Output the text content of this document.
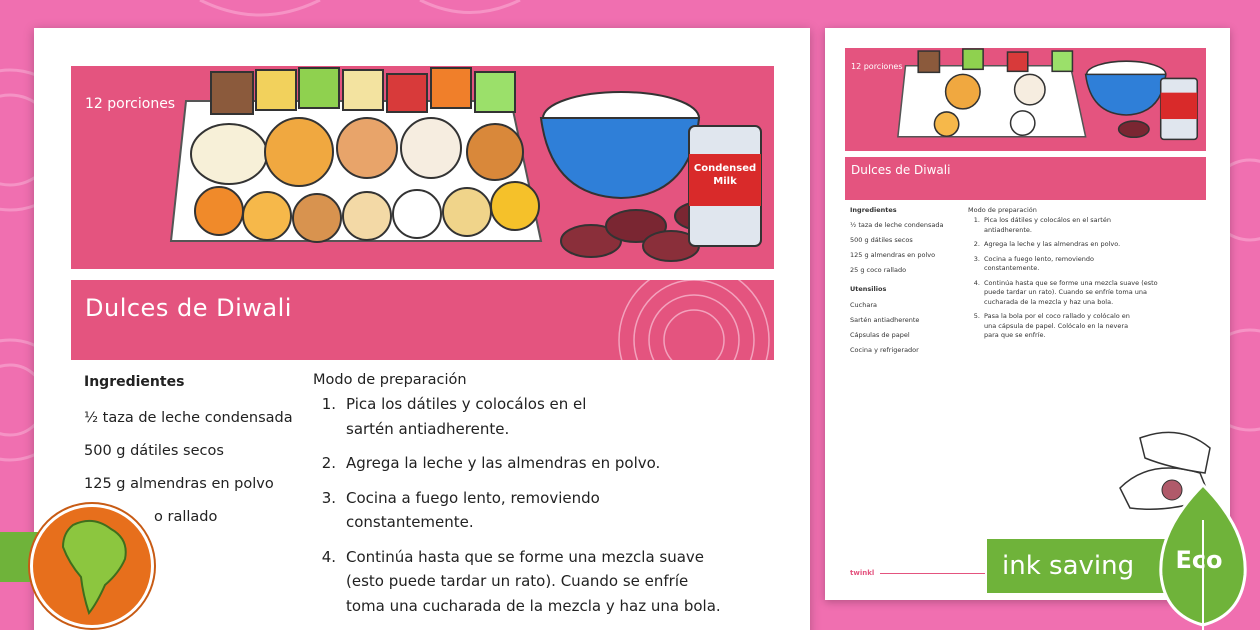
12 porciones
Condensed
Milk
Dulces de Diwali
Ingredientes

½ taza de leche condensada

500 g dátiles secos

125 g almendras en polvo

o rallado

Modo de preparación
1. Pica los dátiles y colocálos en el sartén antiadherente.
2. Agrega la leche y las almendras en polvo.
3. Cocina a fuego lento, removiendo constantemente.
4. Continúa hasta que se forme una mezcla suave
(esto puede tardar un rato). Cuando se enfríe
toma una cucharada de la mezcla y haz una bola.
12 porciones
Dulces de Diwali
Ingredientes

½ taza de leche condensada

500 g dátiles secos

125 g almendras en polvo

25 g coco rallado

Utensilios

Cuchara

Sartén antiadherente

Cápsulas de papel

Cocina y refrigerador

Modo de preparación
1. Pica los dátiles y colocálos en el sartén antiadherente.
2. Agrega la leche y las almendras en polvo.
3. Cocina a fuego lento, removiendo constantemente.
4. Continúa hasta que se forme una mezcla suave (esto puede tardar un rato). Cuando se enfríe toma una cucharada de la mezcla y haz una bola.
5. Pasa la bola por el coco rallado y colócalo en una cápsula de papel. Colócalo en la nevera para que se enfríe.
twinkl	ink saving	Eco
